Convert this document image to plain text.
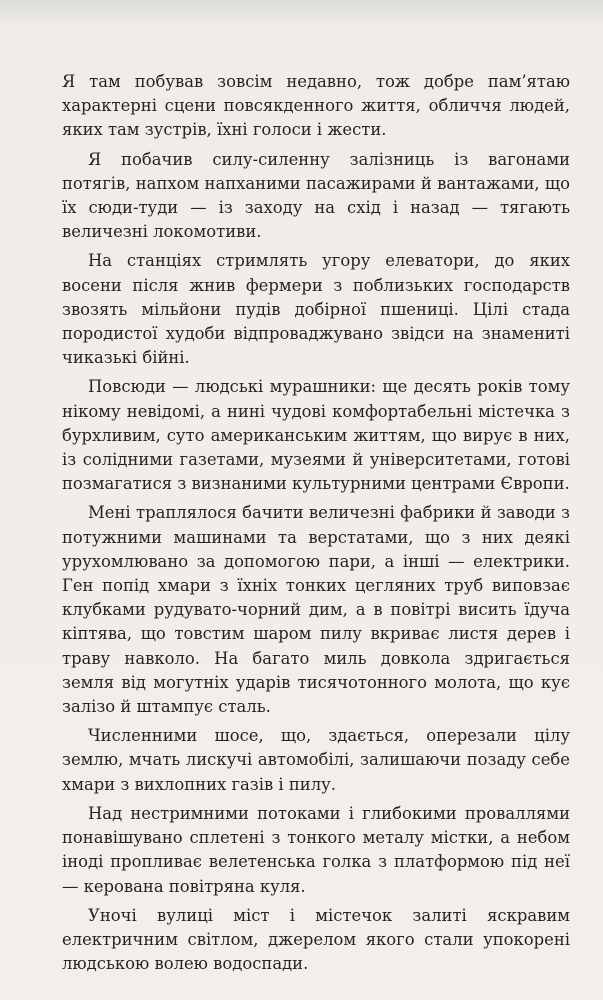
Я там побував зовсім недавно, тож добре пам’ятаю характерні сцени повсякденного життя, обличчя людей, яких там зустрів, їхні голоси і жести.

Я побачив силу-силенну залізниць із вагонами потягів, напхом напханими пасажирами й вантажами, що їх сюди-туди — із заходу на схід і назад — тягають величезні локомотиви.

На станціях стримлять угору елеватори, до яких восени після жнив фермери з поблизьких господарств звозять мільйони пудів добірної пшениці. Цілі стада породистої худоби відпроваджувано звідси на знамениті чиказькі бійні.

Повсюди — людські мурашники: ще десять років тому нікому невідомі, а нині чудові комфортабельні містечка з бурхливим, суто американським життям, що вирує в них, із солідними газетами, музеями й університетами, готові позмагатися з визнаними культурними центрами Європи.

Мені траплялося бачити величезні фабрики й заводи з потужними машинами та верстатами, що з них деякі урухомлювано за допомогою пари, а інші — електрики. Ген попід хмари з їхніх тонких цегляних труб виповзає клубками рудувато-чорний дим, а в повітрі висить їдуча кіптява, що товстим шаром пилу вкриває листя дерев і траву навколо. На багато миль довкола здригається земля від могутніх ударів тисячотонного молота, що кує залізо й штампує сталь.

Численними шосе, що, здається, оперезали цілу землю, мчать лискучі автомобілі, залишаючи позаду себе хмари з вихлопних газів і пилу.

Над нестримними потоками і глибокими проваллями понавішувано сплетені з тонкого металу містки, а небом іноді пропливає велетенська голка з платформою під неї — керована повітряна куля.

Уночі вулиці міст і містечок залиті яскравим електричним світлом, джерелом якого стали упокорені людською волею водоспади.
